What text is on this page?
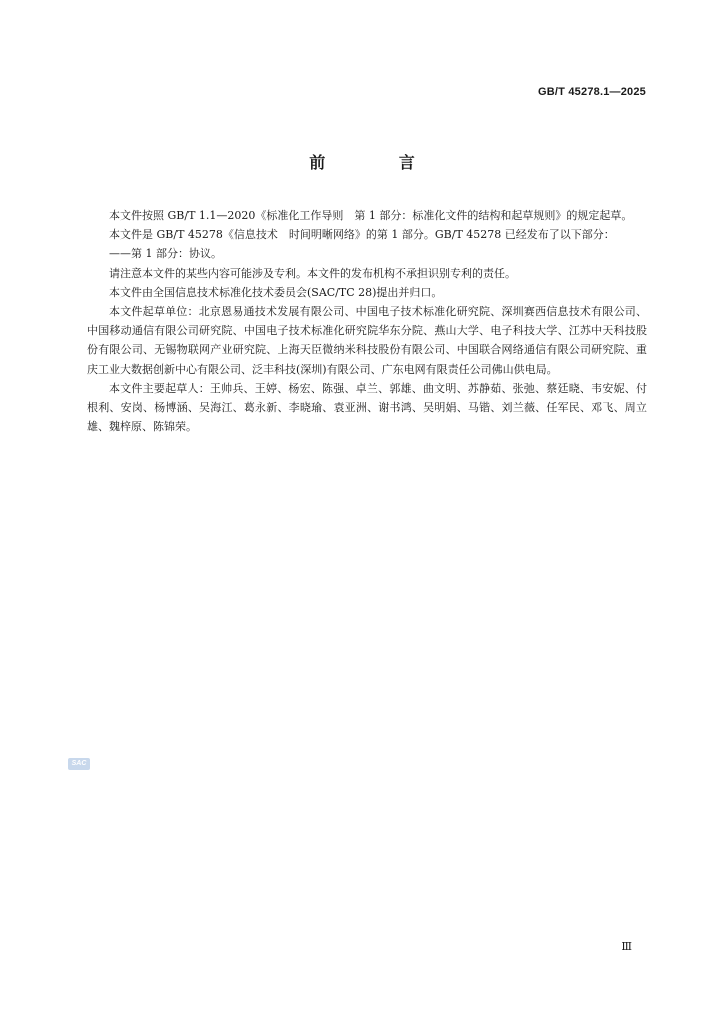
GB/T 45278.1—2025
前 言

本文件按照 GB/T 1.1—2020《标准化工作导则　第 1 部分：标准化文件的结构和起草规则》的规定起草。

本文件是 GB/T 45278《信息技术　时间明晰网络》的第 1 部分。GB/T 45278 已经发布了以下部分：

——第 1 部分：协议。

请注意本文件的某些内容可能涉及专利。本文件的发布机构不承担识别专利的责任。

本文件由全国信息技术标准化技术委员会(SAC/TC 28)提出并归口。

本文件起草单位：北京恩易通技术发展有限公司、中国电子技术标准化研究院、深圳赛西信息技术有限公司、中国移动通信有限公司研究院、中国电子技术标准化研究院华东分院、燕山大学、电子科技大学、江苏中天科技股份有限公司、无锡物联网产业研究院、上海天臣微纳米科技股份有限公司、中国联合网络通信有限公司研究院、重庆工业大数据创新中心有限公司、泛丰科技(深圳)有限公司、广东电网有限责任公司佛山供电局。

本文件主要起草人：王帅兵、王婷、杨宏、陈强、卓兰、郭雄、曲文明、苏静茹、张弛、蔡廷晓、韦安妮、付根利、安岗、杨博涵、吴海江、葛永新、李晓瑜、袁亚洲、谢书鸿、吴明娟、马锴、刘兰薇、任军民、邓飞、周立雄、魏梓原、陈锦荣。

SAC
Ⅲ
